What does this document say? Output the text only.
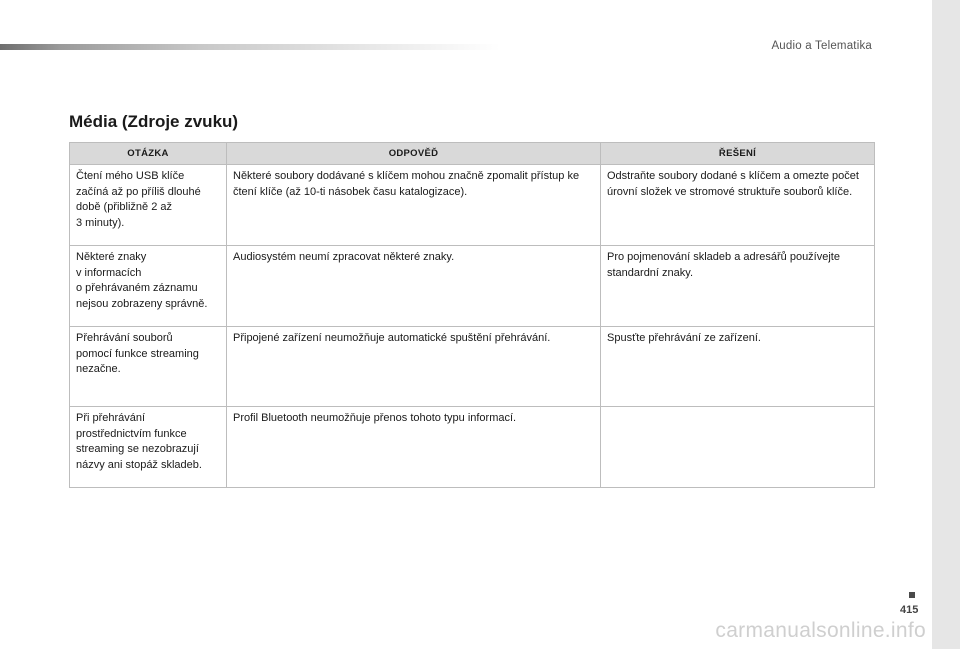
Audio a Telematika
Média (Zdroje zvuku)
OTÁZKA	ODPOVĚĎ	ŘEŠENÍ
Čtení mého USB klíče
začíná až po příliš dlouhé
době (přibližně 2 až
3 minuty).	Některé soubory dodávané s klíčem mohou značně zpomalit přístup ke čtení klíče (až 10-ti násobek času katalogizace).	Odstraňte soubory dodané s klíčem a omezte počet úrovní složek ve stromové struktuře souborů klíče.
Některé znaky
v informacích
o přehrávaném záznamu
nejsou zobrazeny správně.	Audiosystém neumí zpracovat některé znaky.	Pro pojmenování skladeb a adresářů používejte standardní znaky.
Přehrávání souborů
pomocí funkce streaming
nezačne.	Připojené zařízení neumožňuje automatické spuštění přehrávání.	Spusťte přehrávání ze zařízení.
Při přehrávání
prostřednictvím funkce
streaming se nezobrazují
názvy ani stopáž skladeb.	Profil Bluetooth neumožňuje přenos tohoto typu informací.	
415
carmanualsonline.info
